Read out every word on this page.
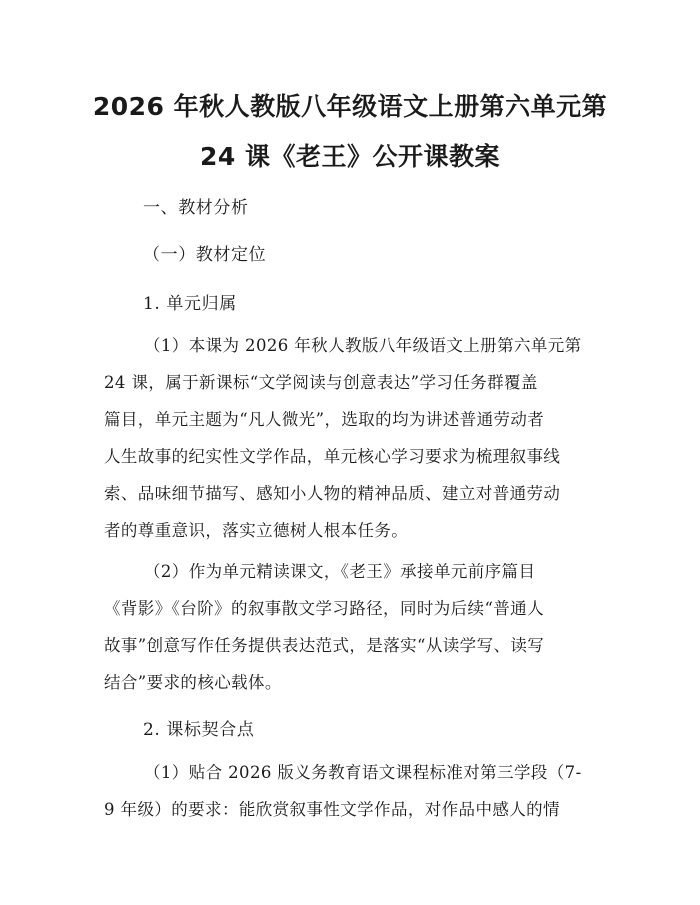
2026 年秋人教版八年级语文上册第六单元第
24 课《老王》公开课教案
一、教材分析
（一）教材定位
1. 单元归属
（1）本课为 2026 年秋人教版八年级语文上册第六单元第
24 课，属于新课标“文学阅读与创意表达”学习任务群覆盖
篇目，单元主题为“凡人微光”，选取的均为讲述普通劳动者
人生故事的纪实性文学作品，单元核心学习要求为梳理叙事线
索、品味细节描写、感知小人物的精神品质、建立对普通劳动
者的尊重意识，落实立德树人根本任务。
（2）作为单元精读课文，《老王》承接单元前序篇目
《背影》《台阶》的叙事散文学习路径，同时为后续“普通人
故事”创意写作任务提供表达范式，是落实“从读学写、读写
结合”要求的核心载体。
2. 课标契合点
（1）贴合 2026 版义务教育语文课程标准对第三学段（7-
9 年级）的要求：能欣赏叙事性文学作品，对作品中感人的情
